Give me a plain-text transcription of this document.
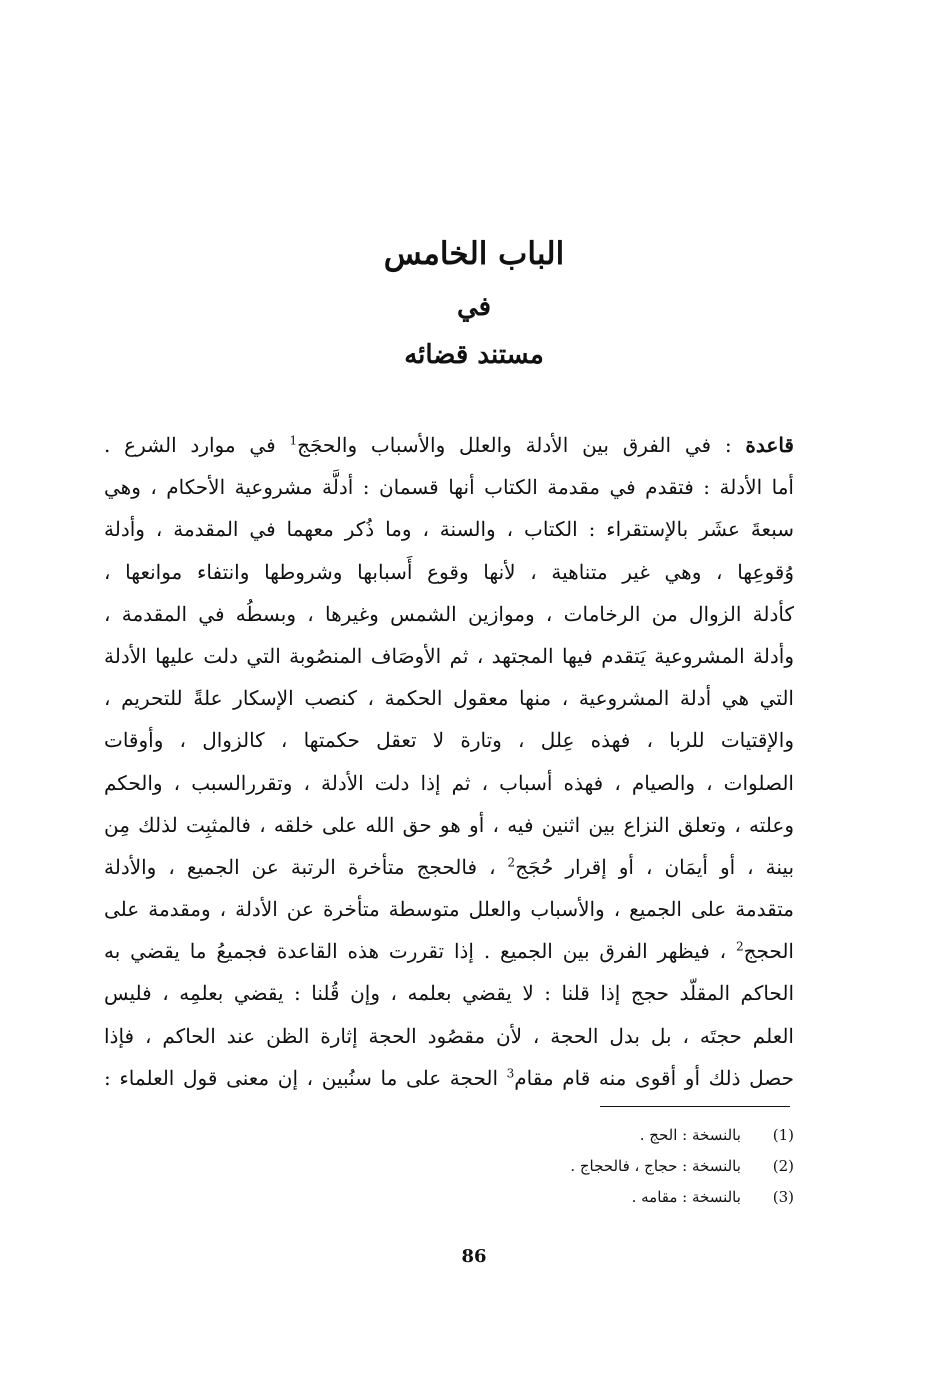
الباب الخامس
في
مستند قضائه
قاعدة : في الفرق بين الأدلة والعلل والأسباب والحجَج$^1$ في موارد الشرع .
أما الأدلة : فتقدم في مقدمة الكتاب أنها قسمان : أدلَّة مشروعية الأحكام ، وهي
سبعةَ عشَر بالإستقراء : الكتاب ، والسنة ، وما ذُكر معهما في المقدمة ، وأدلة
وُقوعِها ، وهي غير متناهية ، لأنها وقوع أَسبابها وشروطها وانتفاء موانعها ،
كأدلة الزوال من الرخامات ، وموازين الشمس وغيرها ، وبسطُه في المقدمة ،
وأدلة المشروعية يَتقدم فيها المجتهد ، ثم الأوصَاف المنصُوبة التي دلت عليها الأدلة
التي هي أدلة المشروعية ، منها معقول الحكمة ، كنصب الإسكار علةً للتحريم ،
والإقتيات للربا ، فهذه عِلل ، وتارة لا تعقل حكمتها ، كالزوال ، وأوقات
الصلوات ، والصيام ، فهذه أسباب ، ثم إذا دلت الأدلة ، وتقررالسبب ، والحكم
وعلته ، وتعلق النزاع بين اثنين فيه ، أو هو حق الله على خلقه ، فالمثبِت لذلك مِن
بينة ، أو أيمَان ، أو إقرار حُجَج$^2$ ، فالحجج متأخرة الرتبة عن الجميع ، والأدلة
متقدمة على الجميع ، والأسباب والعلل متوسطة متأخرة عن الأدلة ، ومقدمة على
الحجج$^2$ ، فيظهر الفرق بين الجميع . إذا تقررت هذه القاعدة فجميعُ ما يقضي به
الحاكم المقلّد حجج إذا قلنا : لا يقضي بعلمه ، وإن قُلنا : يقضي بعلمِه ، فليس
العلم حجتَه ، بل بدل الحجة ، لأن مقصُود الحجة إثارة الظن عند الحاكم ، فإذا
حصل ذلك أو أقوى منه قام مقام$^3$ الحجة على ما سنُبين ، إن معنى قول العلماء :
(1)    بالنسخة : الحج .
(2)    بالنسخة : حجاج ، فالحجاج .
(3)    بالنسخة : مقامه .
86
